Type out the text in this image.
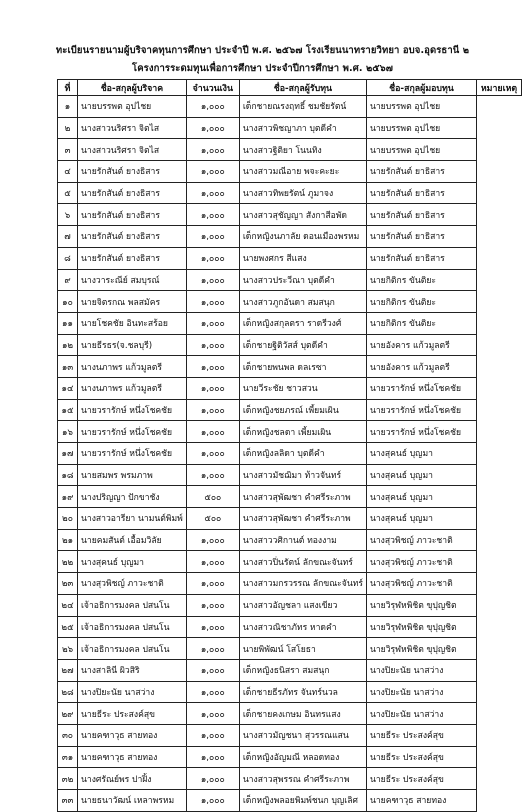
ทะเบียนรายนามผู้บริจาคทุนการศึกษา ประจำปี พ.ศ. ๒๕๖๗ โรงเรียนนาทรายวิทยา อบจ.อุดรธานี ๒
โครงการระดมทุนเพื่อการศึกษา ประจำปีการศึกษา พ.ศ. ๒๕๖๗
ที่	ชื่อ-สกุลผู้บริจาค	จำนวนเงิน	ชื่อ-สกุลผู้รับทุน	ชื่อ-สกุลผู้มอบทุน	หมายเหตุ
๑	นายบรรพต อุปไชย	๑,๐๐๐	เด็กชายณรงฤทธิ์ ชมชัยรัตน์	นายบรรพต อุปไชย	
๒	นางสาวนริศรา จิตไส	๑,๐๐๐	นางสาวพิชญาภา บุตดีคำ	นายบรรพต อุปไชย	
๓	นางสาวนริศรา จิตไส	๑,๐๐๐	นางสาวฐิติยา โนนทิง	นายบรรพต อุปไชย	
๔	นายรักสันต์ ยางธิสาร	๑,๐๐๐	นางสาวมณีอาย พจะคะยะ	นายรักสันต์ ยาธิสาร	
๕	นายรักสันต์ ยางธิสาร	๑,๐๐๐	นางสาวทิพยรัตน์ ภูมาจง	นายรักสันต์ ยาธิสาร	
๖	นายรักสันต์ ยางธิสาร	๑,๐๐๐	นางสาวสุชัญญา สังกาสีอพัด	นายรักสันต์ ยาธิสาร	
๗	นายรักสันต์ ยางธิสาร	๑,๐๐๐	เด็กหญิงนภาลัย ดอนเมืองพรหม	นายรักสันต์ ยาธิสาร	
๘	นายรักสันต์ ยางธิสาร	๑,๐๐๐	นายพงศกร สีแสง	นายรักสันต์ ยาธิสาร	
๙	นางวาระณีย์ สมบุรณ์	๑,๐๐๐	นางสาวประวีณา บุตดีคำ	นายกิติกร ขันติยะ	
๑๐	นายจิตรกณ พลสมัคร	๑,๐๐๐	นางสาวภูกอันดา สมสนุก	นายกิติกร ขันติยะ	
๑๑	นายโชคชัย อินทะสร้อย	๑,๐๐๐	เด็กหญิงสกุลตรา ราดรีวงศ์	นายกิติกร ขันติยะ	
๑๒	นายธีรธร(จ.ชลบุรี)	๑,๐๐๐	เด็กชายฐิติวัสส์ บุตดีคำ	นายอังคาร แก้วมูลตรี	
๑๓	นางนภาพร แก้วมูลตรี	๑,๐๐๐	เด็กชายพนพล ดลเรซา	นายอังคาร แก้วมูลตรี	
๑๔	นางนภาพร แก้วมูลตรี	๑,๐๐๐	นายวีระชัย ชาวสวน	นายวรารักษ์ หนึ่งโชคชัย	
๑๕	นายวรารักษ์ หนึ่งโชคชัย	๑,๐๐๐	เด็กหญิงชยภรณ์ เพี้ยมเผิน	นายวรารักษ์ หนึ่งโชคชัย	
๑๖	นายวรารักษ์ หนึ่งโชคชัย	๑,๐๐๐	เด็กหญิงชลดา เพี้ยมเผิน	นายวรารักษ์ หนึ่งโชคชัย	
๑๗	นายวรารักษ์ หนึ่งโชคชัย	๑,๐๐๐	เด็กหญิงลลิดา บุตดีคำ	นางสุคนธ์ บุญมา	
๑๘	นายสมพร พรมภาพ	๑,๐๐๐	นางสาวมัชฌิมา ท้าวจันทร์	นางสุคนธ์ บุญมา	
๑๙	นางปริญญา ปักขาชัง	๕๐๐	นางสาวสุพัฒชา คำศรีระภาพ	นางสุคนธ์ บุญมา	
๒๐	นางสาวอารียา นามนต์พิมพ์	๕๐๐	นางสาวสุพัฒชา คำศรีระภาพ	นางสุคนธ์ บุญมา	
๒๑	นายคมสันต์ เอื้อมวิลัย	๑,๐๐๐	นางสาววศิกานต์ ทองงาม	นางสุวพิชญ์ ภาวะชาติ	
๒๒	นางสุคนธ์ บุญมา	๑,๐๐๐	นางสาวปิ่นรัตน์ ลักขณะจันทร์	นางสุวพิชญ์ ภาวะชาติ	
๒๓	นางสุวพิชญ์ ภาวะชาติ	๑,๐๐๐	นางสาวมกรวรรณ ลักขณะจันทร์	นางสุวพิชญ์ ภาวะชาติ	
๒๔	เจ้าอธิการมงคล ปสนโน	๑,๐๐๐	นางสาวอัญชลา แสงเขียว	นายวิรุฬหพิชิต ขุปุญชิต	
๒๕	เจ้าอธิการมงคล ปสนโน	๑,๐๐๐	นางสาวณิชาภัทร หาดคำ	นายวิรุฬหพิชิต ขุปุญชิต	
๒๖	เจ้าอธิการมงคล ปสนโน	๑,๐๐๐	นายพิพัฒน์ โสโยธา	นายวิรุฬหพิชิต ขุปุญชิต	
๒๗	นางสาลินี ผิวสิริ	๑,๐๐๐	เด็กหญิงธนิสรา สมสนุก	นางปิยะนัย นาสว่าง	
๒๘	นางปิยะนัย นาสว่าง	๑,๐๐๐	เด็กชายธีรภัทร จันทร์นวล	นางปิยะนัย นาสว่าง	
๒๙	นายธีระ ประสงค์สุข	๑,๐๐๐	เด็กชายคงเกษม อินทรแสง	นางปิยะนัย นาสว่าง	
๓๐	นายคฑาวุธ สายทอง	๑,๐๐๐	นางสาวมัญชนา สุวรรณแสน	นายธีระ ประสงค์สุข	
๓๑	นายคฑาวุธ สายทอง	๑,๐๐๐	เด็กหญิงอัญมณี หลอดทอง	นายธีระ ประสงค์สุข	
๓๒	นางศรัณย์พร ปาฝิ้ง	๑,๐๐๐	นางสาวสุพรรณ คำศรีระภาพ	นายธีระ ประสงค์สุข	
๓๓	นายธนาวัฒน์ เหลาพรหม	๑,๐๐๐	เด็กหญิงพลอยพิมพ์ชนก บุญเลิศ	นายคฑาวุธ สายทอง	
